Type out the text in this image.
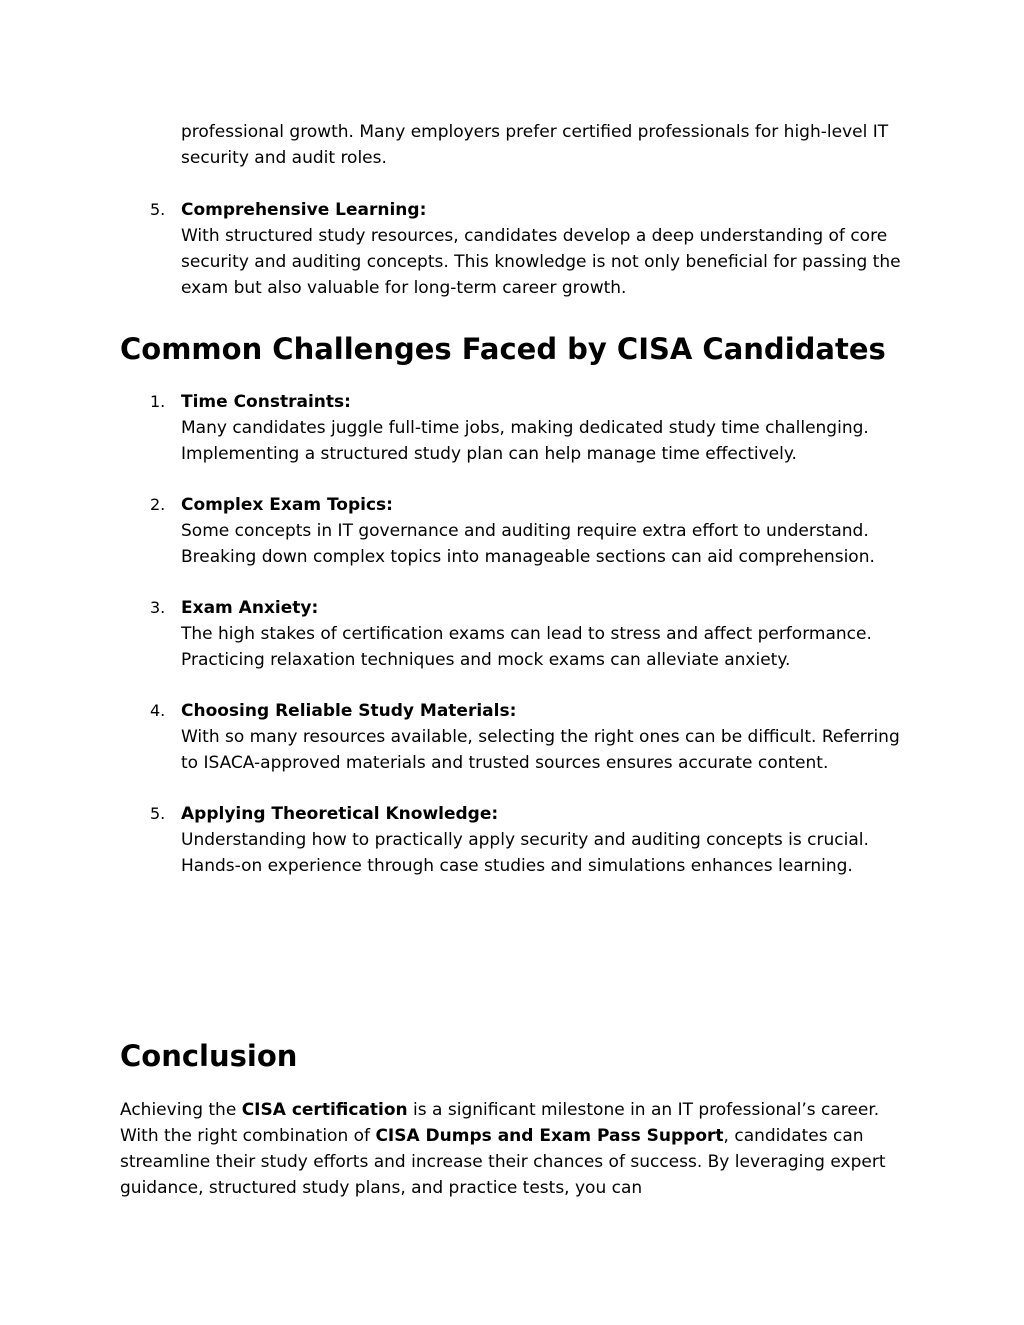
professional growth. Many employers prefer certified professionals for high-level IT security and audit roles.

5. Comprehensive Learning:
With structured study resources, candidates develop a deep understanding of core security and auditing concepts. This knowledge is not only beneficial for passing the exam but also valuable for long-term career growth.
Common Challenges Faced by CISA Candidates
1. Time Constraints:
Many candidates juggle full-time jobs, making dedicated study time challenging. Implementing a structured study plan can help manage time effectively.
2. Complex Exam Topics:
Some concepts in IT governance and auditing require extra effort to understand. Breaking down complex topics into manageable sections can aid comprehension.
3. Exam Anxiety:
The high stakes of certification exams can lead to stress and affect performance. Practicing relaxation techniques and mock exams can alleviate anxiety.
4. Choosing Reliable Study Materials:
With so many resources available, selecting the right ones can be difficult. Referring to ISACA-approved materials and trusted sources ensures accurate content.
5. Applying Theoretical Knowledge:
Understanding how to practically apply security and auditing concepts is crucial. Hands-on experience through case studies and simulations enhances learning.
Conclusion

Achieving the CISA certification is a significant milestone in an IT professional’s career. With the right combination of CISA Dumps and Exam Pass Support, candidates can streamline their study efforts and increase their chances of success. By leveraging expert guidance, structured study plans, and practice tests, you can
